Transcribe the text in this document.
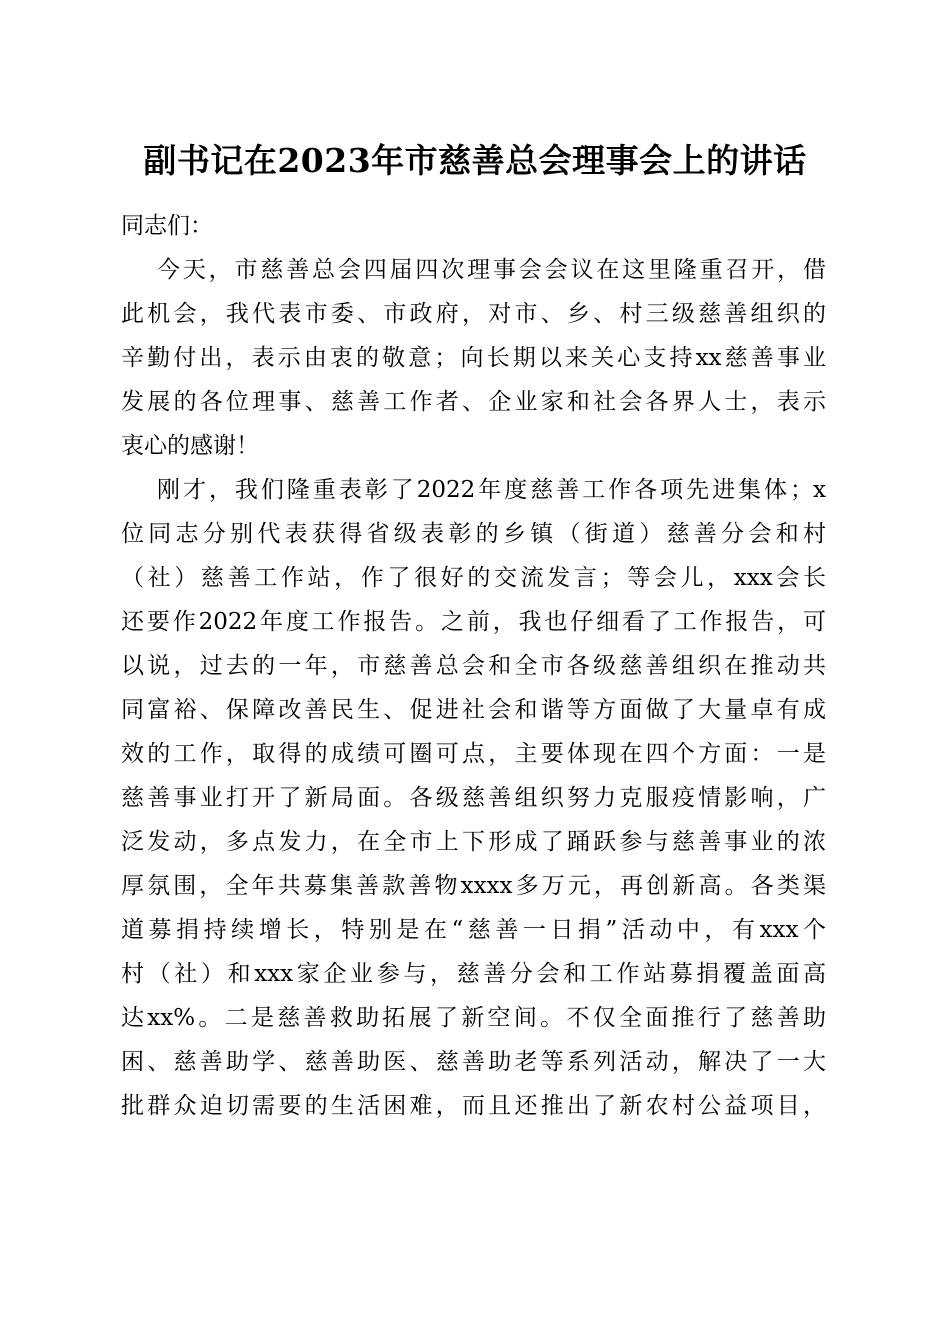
副书记在2023年市慈善总会理事会上的讲话
同志们：
今天，市慈善总会四届四次理事会会议在这里隆重召开，借
此机会，我代表市委、市政府，对市、乡、村三级慈善组织的
辛勤付出，表示由衷的敬意；向长期以来关心支持xx慈善事业
发展的各位理事、慈善工作者、企业家和社会各界人士，表示
衷心的感谢！
刚才，我们隆重表彰了2022年度慈善工作各项先进集体；x
位同志分别代表获得省级表彰的乡镇（街道）慈善分会和村
（社）慈善工作站，作了很好的交流发言；等会儿，xxx会长
还要作2022年度工作报告。之前，我也仔细看了工作报告，可
以说，过去的一年，市慈善总会和全市各级慈善组织在推动共
同富裕、保障改善民生、促进社会和谐等方面做了大量卓有成
效的工作，取得的成绩可圈可点，主要体现在四个方面：一是
慈善事业打开了新局面。各级慈善组织努力克服疫情影响，广
泛发动，多点发力，在全市上下形成了踊跃参与慈善事业的浓
厚氛围，全年共募集善款善物xxxx多万元，再创新高。各类渠
道募捐持续增长，特别是在“慈善一日捐”活动中，有xxx个
村（社）和xxx家企业参与，慈善分会和工作站募捐覆盖面高
达xx%。二是慈善救助拓展了新空间。不仅全面推行了慈善助
困、慈善助学、慈善助医、慈善助老等系列活动，解决了一大
批群众迫切需要的生活困难，而且还推出了新农村公益项目，
